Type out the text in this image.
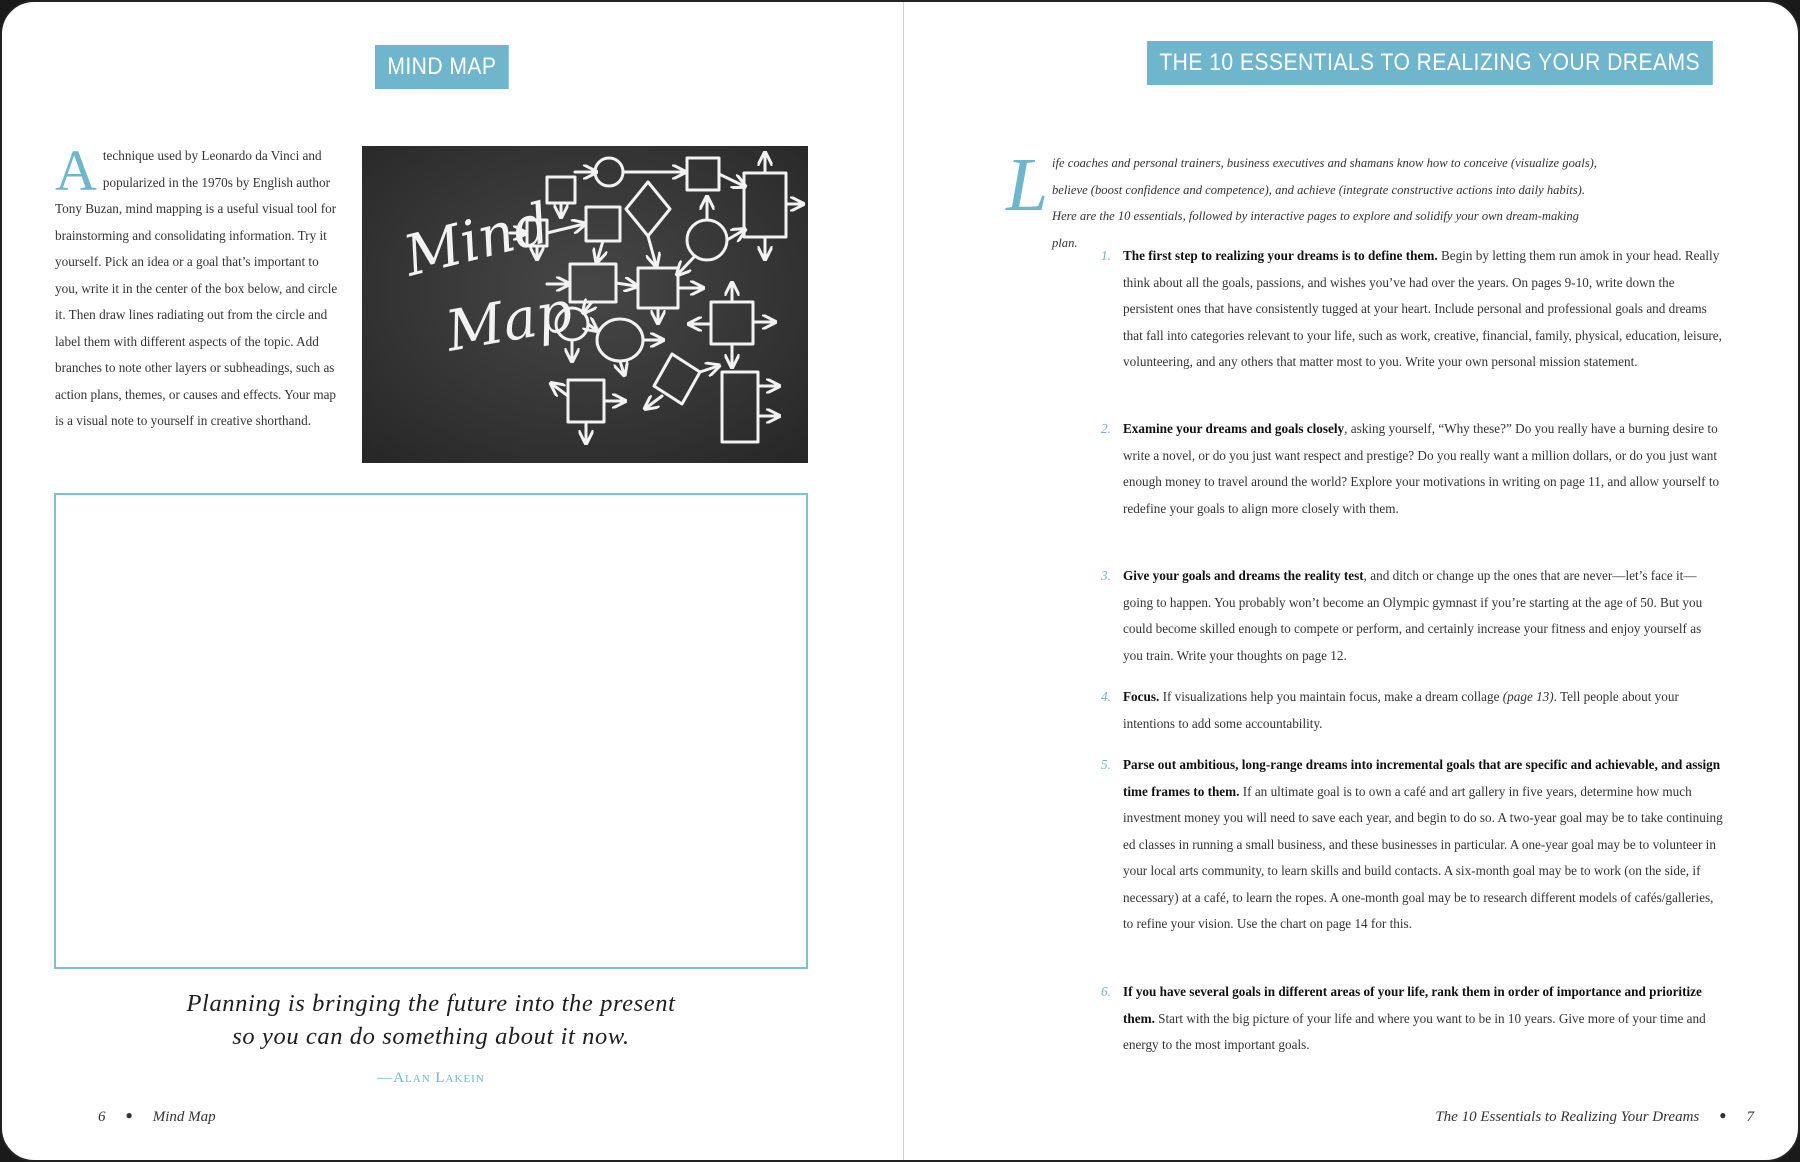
MIND MAP

A technique used by Leonardo da Vinci and popularized in the 1970s by English author Tony Buzan, mind mapping is a useful visual tool for brainstorming and consolidating information. Try it yourself. Pick an idea or a goal that’s important to you, write it in the center of the box below, and circle it. Then draw lines radiating out from the circle and label them with different aspects of the topic. Add branches to note other layers or subheadings, such as action plans, themes, or causes and effects. Your map is a visual note to yourself in creative shorthand.

Mind
Map
Planning is bringing the future into the present
so you can do something about it now.
—Alan Lakein
6 ● Mind Map
THE 10 ESSENTIALS TO REALIZING YOUR DREAMS

L ife coaches and personal trainers, business executives and shamans know how to conceive (visualize goals), believe (boost confidence and competence), and achieve (integrate constructive actions into daily habits). Here are the 10 essentials, followed by interactive pages to explore and solidify your own dream-making plan.

The 10 Essentials to Realizing Your Dreams ● 7
1. The first step to realizing your dreams is to define them. Begin by letting them run amok in your head. Really think about all the goals, passions, and wishes you’ve had over the years. On pages 9-10, write down the persistent ones that have consistently tugged at your heart. Include personal and professional goals and dreams that fall into categories relevant to your life, such as work, creative, financial, family, physical, education, leisure, volunteering, and any others that matter most to you. Write your own personal mission statement.
2. Examine your dreams and goals closely, asking yourself, “Why these?” Do you really have a burning desire to write a novel, or do you just want respect and prestige? Do you really want a million dollars, or do you just want enough money to travel around the world? Explore your motivations in writing on page 11, and allow yourself to redefine your goals to align more closely with them.
3. Give your goals and dreams the reality test, and ditch or change up the ones that are never—let’s face it—going to happen. You probably won’t become an Olympic gymnast if you’re starting at the age of 50. But you could become skilled enough to compete or perform, and certainly increase your fitness and enjoy yourself as you train. Write your thoughts on page 12.
4. Focus. If visualizations help you maintain focus, make a dream collage (page 13). Tell people about your intentions to add some accountability.
5. Parse out ambitious, long-range dreams into incremental goals that are specific and achievable, and assign time frames to them. If an ultimate goal is to own a café and art gallery in five years, determine how much investment money you will need to save each year, and begin to do so. A two-year goal may be to take continuing ed classes in running a small business, and these businesses in particular. A one-year goal may be to volunteer in your local arts community, to learn skills and build contacts. A six-month goal may be to work (on the side, if necessary) at a café, to learn the ropes. A one-month goal may be to research different models of cafés/galleries, to refine your vision. Use the chart on page 14 for this.
6. If you have several goals in different areas of your life, rank them in order of importance and prioritize them. Start with the big picture of your life and where you want to be in 10 years. Give more of your time and energy to the most important goals.
